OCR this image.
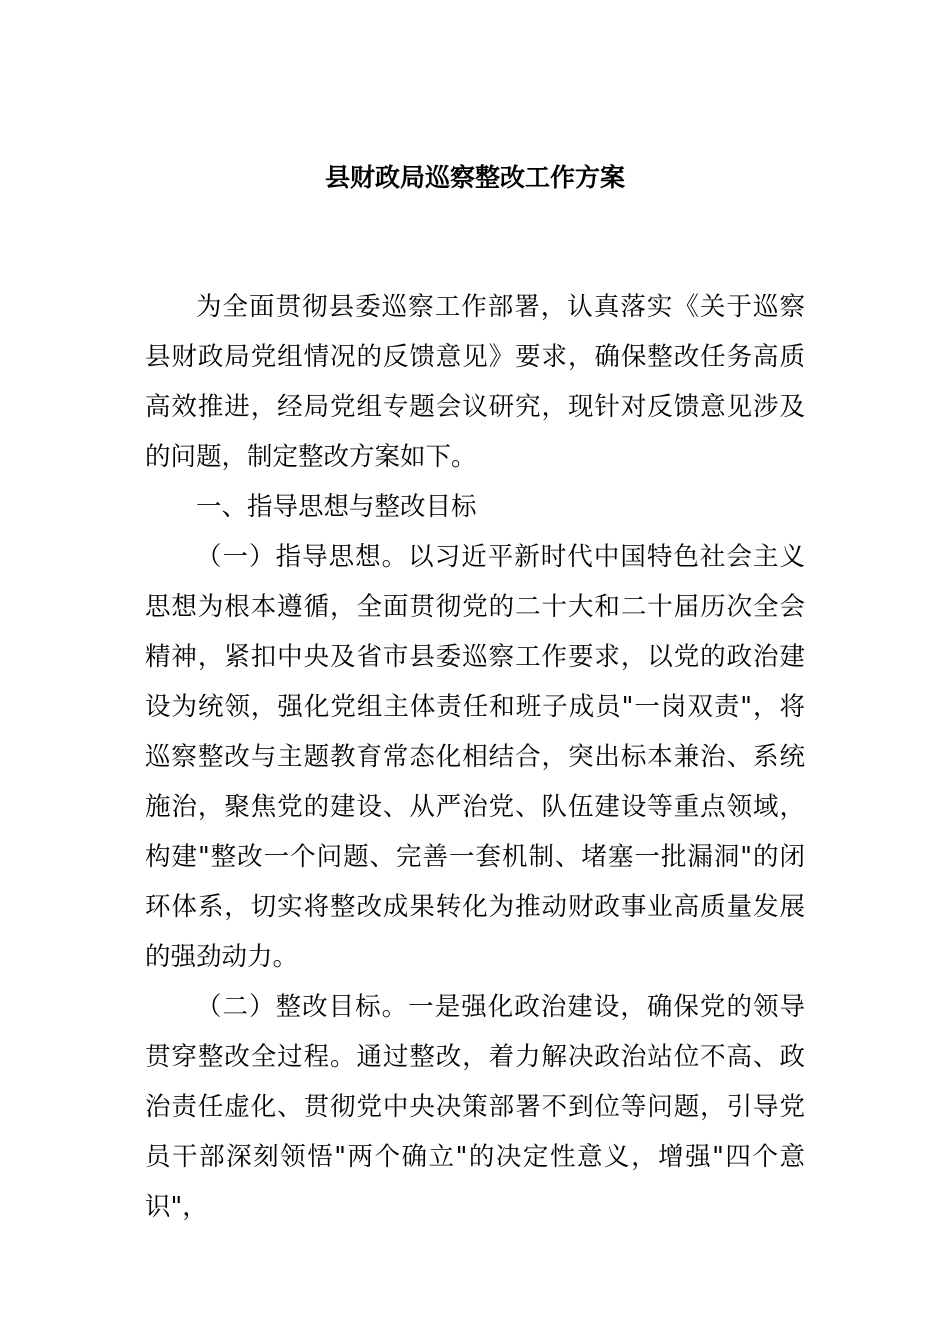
县财政局巡察整改工作方案

为全面贯彻县委巡察工作部署，认真落实《关于巡察县财政局党组情况的反馈意见》要求，确保整改任务高质高效推进，经局党组专题会议研究，现针对反馈意见涉及的问题，制定整改方案如下。

一、指导思想与整改目标

（一）指导思想。以习近平新时代中国特色社会主义思想为根本遵循，全面贯彻党的二十大和二十届历次全会精神，紧扣中央及省市县委巡察工作要求，以党的政治建设为统领，强化党组主体责任和班子成员"一岗双责"，将巡察整改与主题教育常态化相结合，突出标本兼治、系统施治，聚焦党的建设、从严治党、队伍建设等重点领域，构建"整改一个问题、完善一套机制、堵塞一批漏洞"的闭环体系，切实将整改成果转化为推动财政事业高质量发展的强劲动力。

（二）整改目标。一是强化政治建设，确保党的领导贯穿整改全过程。通过整改，着力解决政治站位不高、政治责任虚化、贯彻党中央决策部署不到位等问题，引导党员干部深刻领悟"两个确立"的决定性意义，增强"四个意识"，
